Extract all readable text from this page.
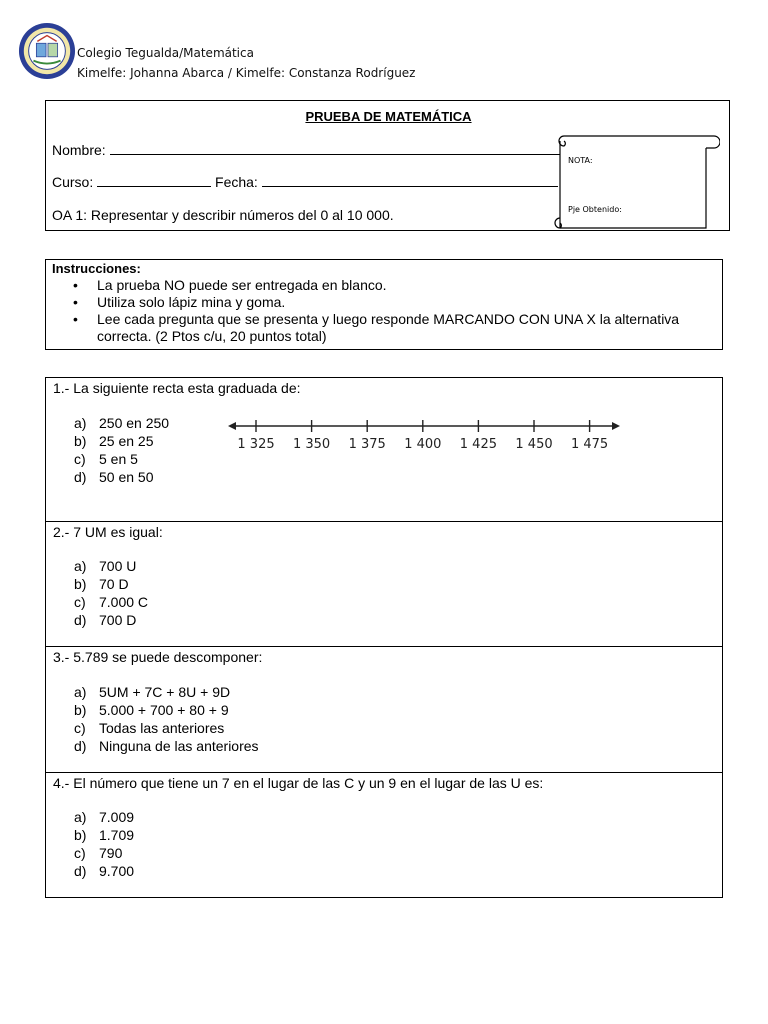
Colegio Tegualda/Matemática
Kimelfe: Johanna Abarca / Kimelfe: Constanza Rodríguez
PRUEBA DE MATEMÁTICA
Nombre:
Curso:	Fecha:
OA 1: Representar y describir números del 0 al 10 000.
NOTA:
Pje Obtenido:
Instrucciones:
• La prueba NO puede ser entregada en blanco.
• Utiliza solo lápiz mina y goma.
• Lee cada pregunta que se presenta y luego responde MARCANDO CON UNA X la alternativa correcta. (2 Ptos c/u, 20 puntos total)
1.- La siguiente recta esta graduada de:
a) 250 en 250
b) 25 en 25
c) 5 en 5
d) 50 en 50
1 325 1 350 1 375 1 400 1 425 1 450 1 475
2.- 7 UM es igual:
a) 700 U
b) 70 D
c) 7.000 C
d) 700 D
3.- 5.789 se puede descomponer:
a) 5UM + 7C + 8U + 9D
b) 5.000 + 700 + 80 + 9
c) Todas las anteriores
d) Ninguna de las anteriores
4.- El número que tiene un 7 en el lugar de las C y un 9 en el lugar de las U es:
a) 7.009
b) 1.709
c) 790
d) 9.700
